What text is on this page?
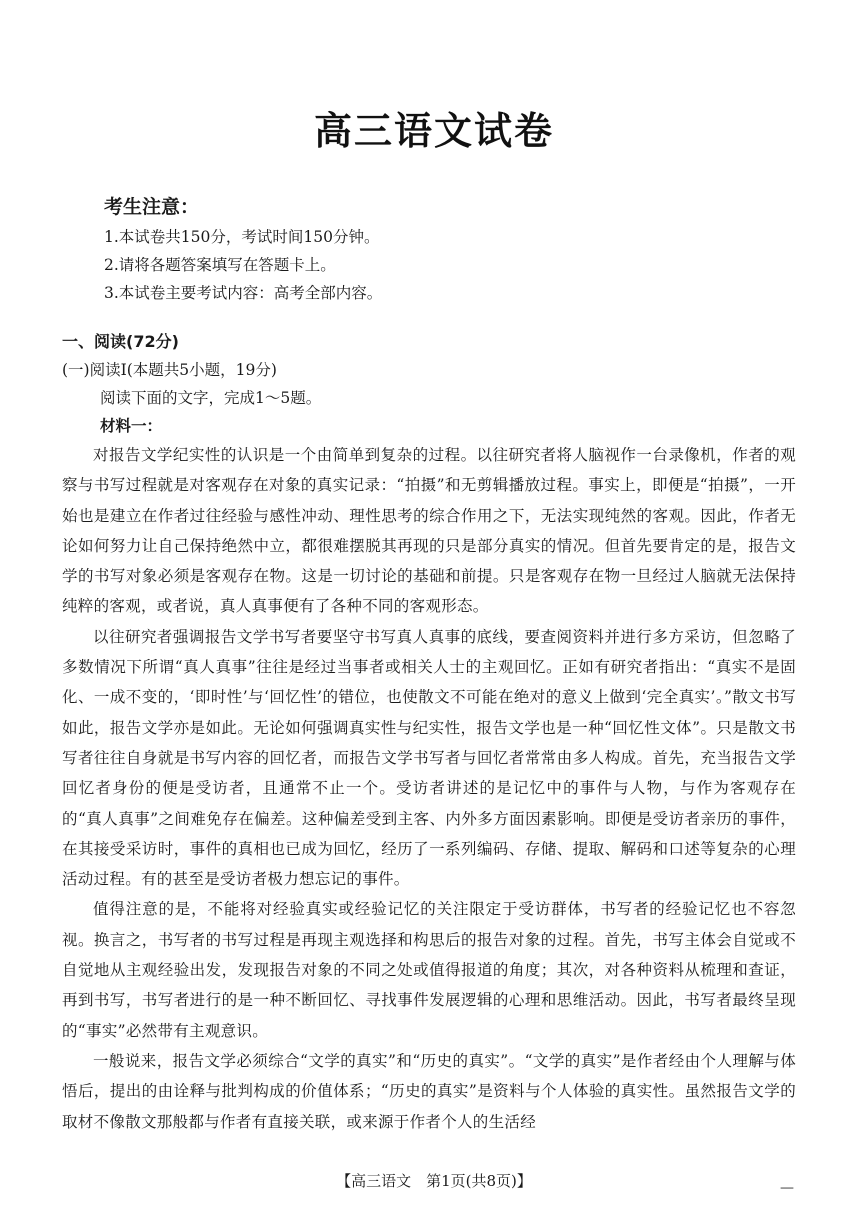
高三语文试卷
考生注意：
1.本试卷共150分，考试时间150分钟。
2.请将各题答案填写在答题卡上。
3.本试卷主要考试内容：高考全部内容。
一、阅读(72分)
(一)阅读Ⅰ(本题共5小题，19分)
阅读下面的文字，完成1～5题。
材料一：

对报告文学纪实性的认识是一个由简单到复杂的过程。以往研究者将人脑视作一台录像机，作者的观察与书写过程就是对客观存在对象的真实记录：“拍摄”和无剪辑播放过程。事实上，即便是“拍摄”，一开始也是建立在作者过往经验与感性冲动、理性思考的综合作用之下，无法实现纯然的客观。因此，作者无论如何努力让自己保持绝然中立，都很难摆脱其再现的只是部分真实的情况。但首先要肯定的是，报告文学的书写对象必须是客观存在物。这是一切讨论的基础和前提。只是客观存在物一旦经过人脑就无法保持纯粹的客观，或者说，真人真事便有了各种不同的客观形态。

以往研究者强调报告文学书写者要坚守书写真人真事的底线，要查阅资料并进行多方采访，但忽略了多数情况下所谓“真人真事”往往是经过当事者或相关人士的主观回忆。正如有研究者指出：“真实不是固化、一成不变的，‘即时性’与‘回忆性’的错位，也使散文不可能在绝对的意义上做到‘完全真实’。”散文书写如此，报告文学亦是如此。无论如何强调真实性与纪实性，报告文学也是一种“回忆性文体”。只是散文书写者往往自身就是书写内容的回忆者，而报告文学书写者与回忆者常常由多人构成。首先，充当报告文学回忆者身份的便是受访者，且通常不止一个。受访者讲述的是记忆中的事件与人物，与作为客观存在的“真人真事”之间难免存在偏差。这种偏差受到主客、内外多方面因素影响。即便是受访者亲历的事件，在其接受采访时，事件的真相也已成为回忆，经历了一系列编码、存储、提取、解码和口述等复杂的心理活动过程。有的甚至是受访者极力想忘记的事件。

值得注意的是，不能将对经验真实或经验记忆的关注限定于受访群体，书写者的经验记忆也不容忽视。换言之，书写者的书写过程是再现主观选择和构思后的报告对象的过程。首先，书写主体会自觉或不自觉地从主观经验出发，发现报告对象的不同之处或值得报道的角度；其次，对各种资料从梳理和查证，再到书写，书写者进行的是一种不断回忆、寻找事件发展逻辑的心理和思维活动。因此，书写者最终呈现的“事实”必然带有主观意识。

一般说来，报告文学必须综合“文学的真实”和“历史的真实”。“文学的真实”是作者经由个人理解与体悟后，提出的由诠释与批判构成的价值体系；“历史的真实”是资料与个人体验的真实性。虽然报告文学的取材不像散文那般都与作者有直接关联，或来源于作者个人的生活经

【高三语文　第1页(共8页)】	—
